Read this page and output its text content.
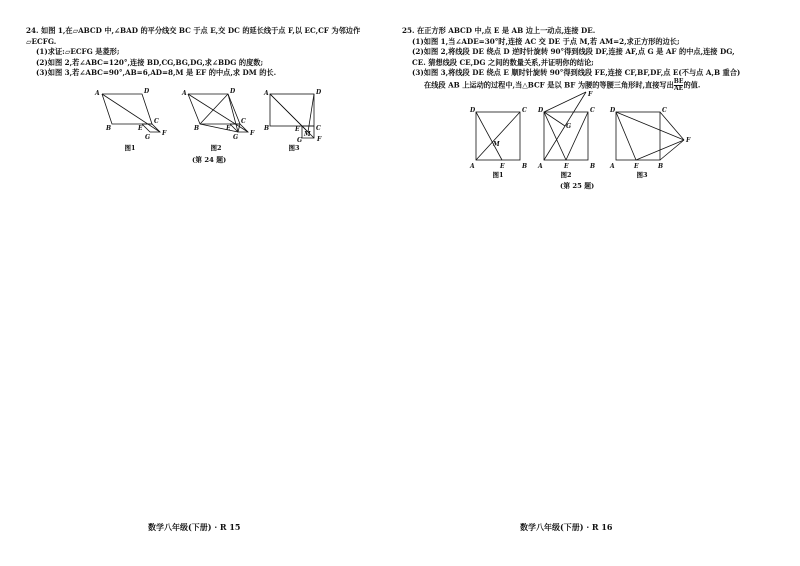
24. 如图 1,在▱ABCD 中,∠BAD 的平分线交 BC 于点 E,交 DC 的延长线于点 F,以 EC,CF 为邻边作

▱ECFG.

(1)求证:▱ECFG 是菱形;

(2)如图 2,若∠ABC=120°,连接 BD,CG,BG,DG,求∠BDG 的度数;

(3)如图 3,若∠ABC=90°,AB=6,AD=8,M 是 EF 的中点,求 DM 的长.

A	D
B	E
C
F
G
图1
A	D
B	E
C
F
G
图2
A	D
B	E	C
M
F
G
图3
(第 24 题)
数学八年级(下册) · R 15

25. 在正方形 ABCD 中,点 E 是 AB 边上一动点,连接 DE.

(1)如图 1,当∠ADE=30°时,连接 AC 交 DE 于点 M,若 AM=2,求正方形的边长;

(2)如图 2,将线段 DE 绕点 D 逆时针旋转 90°得到线段 DF,连接 AF,点 G 是 AF 的中点,连接 DG,

CE. 猜想线段 CE,DG 之间的数量关系,并证明你的结论;

(3)如图 3,将线段 DE 绕点 E 顺时针旋转 90°得到线段 FE,连接 CF,BF,DF,点 E(不与点 A,B 重合)

在线段 AB 上运动的过程中,当△BCF 是以 BF 为腰的等腰三角形时,直接写出 $\frac{BE}{AE}$ 的值.

D	C
A	E	B
M
图1
D	C
F
G
A	E	B
图2
D	C
F
A	E	B
图3
(第 25 题)
数学八年级(下册) · R 16
